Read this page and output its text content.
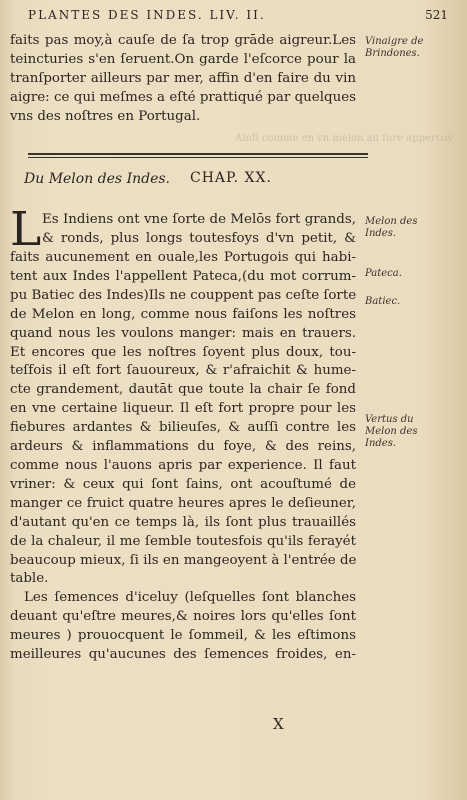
PLANTES DES INDES. LIV. II.	521
faits pas moy,à cauſe de ſa trop grāde aigreur.Les
teincturies s'en ſeruent.On garde l'eſcorce pour la
tranſporter ailleurs par mer, affin d'en faire du vin
aigre: ce qui meſmes a eſté prattiqué par quelques
vns des noſtres en Portugal.
Vinaigre de
Brindones.
Ainſi comme en vn melon au ſure appercoy
Du Melon des Indes. CHAP. XX.
L Es Indiens ont vne ſorte de Melōs fort grands,
& ronds, plus longs toutesfoys d'vn petit, &
faits aucunement en ouale,les Portugois qui habi-
tent aux Indes l'appellent Pateca,(du mot corrum-
pu Batiec des Indes)Ils ne couppent pas ceſte ſorte
de Melon en long, comme nous faiſons les noſtres
quand nous les voulons manger: mais en trauers.
Et encores que les noſtres ſoyent plus doux, tou-
teſfois il eſt fort ſauoureux, & r'afraichit & hume-
cte grandement, dautāt que toute la chair ſe fond
en vne certaine liqueur. Il eſt fort propre pour les
fiebures ardantes & bilieuſes, & auſſi contre les
ardeurs & inflammations du foye, & des reins,
comme nous l'auons apris par experience. Il faut
vriner: & ceux qui ſont ſains, ont acouſtumé de
manger ce fruict quatre heures apres le deſieuner,
d'autant qu'en ce temps là, ils ſont plus trauaillés
de la chaleur, il me ſemble toutesfois qu'ils ferayét
beaucoup mieux, ſi ils en mangeoyent à l'entrée de
table.
Les ſemences d'iceluy (leſquelles ſont blanches
deuant qu'eſtre meures,& noires lors qu'elles ſont
meures ) prouocquent le ſommeil, & les eſtimons
meilleures qu'aucunes des ſemences froides, en-
Melon des
Indes.
Pateca.
Batiec.
Vertus du
Melon des
Indes.
X
